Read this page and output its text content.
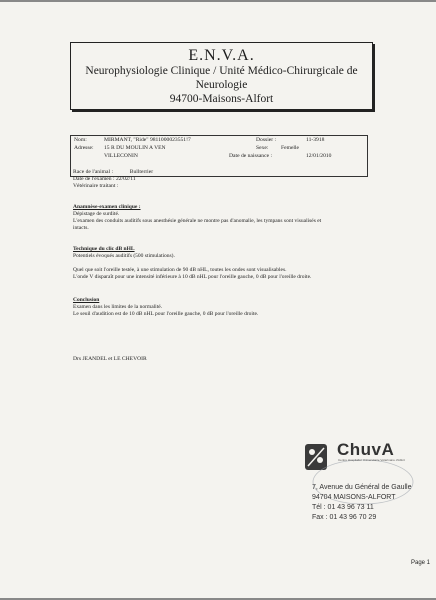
E.N.V.A.
Neurophysiologie Clinique / Unité Médico-Chirurgicale de
Neurologie
94700-Maisons-Alfort
Nom:	MIRMANT, "Ride" 9811000023551!7	Dossier :	11-3918
Adresse: 15 R DU MOULIN A VEN	Sexe: Femelle
VILLECONIN	Date de naissance :	12/01/2010
Race de l'animal :	Bullterrier
Date de l'examen : 22/02/11
Vétérinaire traitant :
Anamnèse-examen clinique :
Dépistage de surdité.
L'examen des conduits auditifs sous anesthésie générale ne montre pas d'anomalie, les tympans sont visualisés et
intacts.
Technique du clic dB nHL
Potentiels évoqués auditifs (500 stimulations).
Quel que soit l'oreille testée, à une stimulation de 90 dB nHL, toutes les ondes sont visualisables.
L'onde V disparaît pour une intensité inférieure à 10 dB nHL pour l'oreille gauche, 0 dB pour l'oreille droite.
Conclusion
Examen dans les limites de la normalité.
Le seuil d'audition est de 10 dB nHL pour l'oreille gauche, 0 dB pour l'oreille droite.
Drs JEANDEL et LE CHEVOIR
ChuvA
Centre Hospitalier Universitaire Vétérinaire d'Alfort
7, Avenue du Général de Gaulle
94704 MAISONS-ALFORT
Tél : 01 43 96 73 11
Fax : 01 43 96 70 29
Page 1
